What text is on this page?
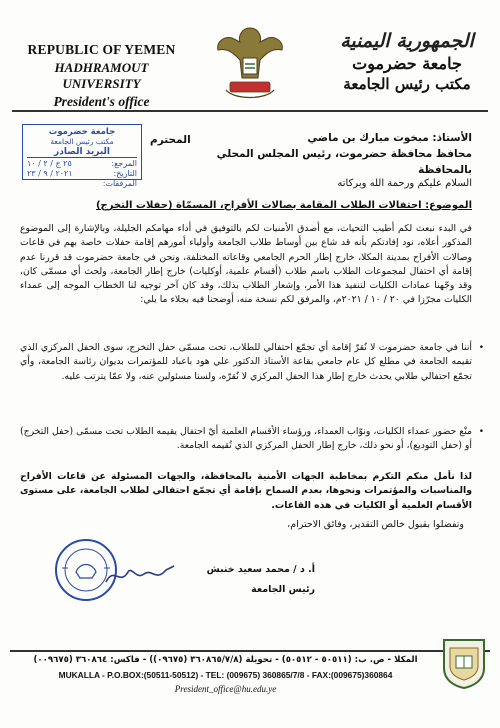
REPUBLIC OF YEMEN
HADHRAMOUT UNIVERSITY
President's office
الجمهورية اليمنية
جامعة حضرموت
مكتب رئيس الجامعة
جامعة حضرموت
مكتب رئيس الجامعة
البريد الصادر
المرجع:
٢٥ ج / ٢ / ١٠
التاريخ:
٢٠٢١ / ٩ / ٢٣
المرفقات:
الأستاذ: مبخوت مبارك بن ماضي
محافظ محافظة حضرموت، رئيس المجلس المحلي بالمحافظة
المحترم
السلام عليكم ورحمة الله وبركاته
الموضوع: احتفالات الطلاب المقامة بصالات الأفراح، المسمّاة (حفلات التخرج)
في البدء نبعث لكم أطيب التحيات، مع أصدق الأمنيات لكم بالتوفيق في أداء مهامكم الجليلة، وبالإشارة إلى الموضوع المذكور أعلاه، نود إفادتكم بأنه قد شاع بين أوساط طلاب الجامعة وأولياء أمورهم إقامة حفلات خاصة بهم في قاعات وصالات الأفراح بمدينة المكلا، خارج إطار الحرم الجامعي وقاعاته المختلفة، ونحن في جامعة حضرموت قد قررنا عدم إقامة أي احتفال لمجموعات الطلاب باسم طلاب (أقسام علمية، أوكليات) خارج إطار الجامعة، ولحث أي مسمّى كان، وقد وجّهنا عمادات الكليات لتنفيذ هذا الأمر، وإشعار الطلاب بذلك، وقد كان آخر توجيه لنا الخطاب الموجه إلى عمداء الكليات مجرّزا في ٢٠ / ١٠ / ٢٠٢١م، والمرفق لكم نسخة منه، أوضحنا فيه بجلاء ما يلي:
•
أننا في جامعة حضرموت لا نُقرّ إقامة أي تجمّع احتفالي للطلاب، تحت مسمّى حفل التخرج، سوى الحفل المركزي الذي تقيمه الجامعة في مطلع كل عام جامعي بقاعة الأستاذ الدكتور علي هود باعباد للمؤتمرات بديوان رئاسة الجامعة، وأي تجمّع احتفالي طلابي يحدث خارج إطار هذا الحفل المركزي لا نُقرّه، ولسنا مسئولين عنه، ولا عمّا يترتب عليه.
•
منْع حضور عمداء الكليات، ونوّاب العمداء، ورؤساء الأقسام العلمية أيّ احتفال يقيمه الطلاب تحت مسمّى (حفل التخرج) أو (حفل التوديع)، أو نحو ذلك، خارج إطار الحفل المركزي الذي تُقيمه الجامعة.
لذا نأمل منكم التكرم بمخاطبة الجهات الأمنية بالمحافظة، والجهات المسئولة عن قاعات الأفراح والمناسبات والمؤتمرات ونحوها، بعدم السماح بإقامة أي تجمّع احتفالي لطلاب الجامعة، على مستوى الأقسام العلمية أو الكليات في هذه القاعات.
وتفضلوا بقبول خالص التقدير، وفائق الاحترام،
أ. د / محمد سعيد خنبش
رئيس الجامعة
المكلا - ص. ب: (٥٠٥١١ - ٥٠٥١٢) - تحويلة (٣٦٠٨٦٥/٧/٨ (٠٩٦٧٥)) - فاكس: ٣٦٠٨٦٤ (٠٠٩٦٧٥)
MUKALLA - P.O.BOX:(50511-50512) - TEL: (009675) 360865/7/8 - FAX:(009675)360864
President_office@hu.edu.ye
